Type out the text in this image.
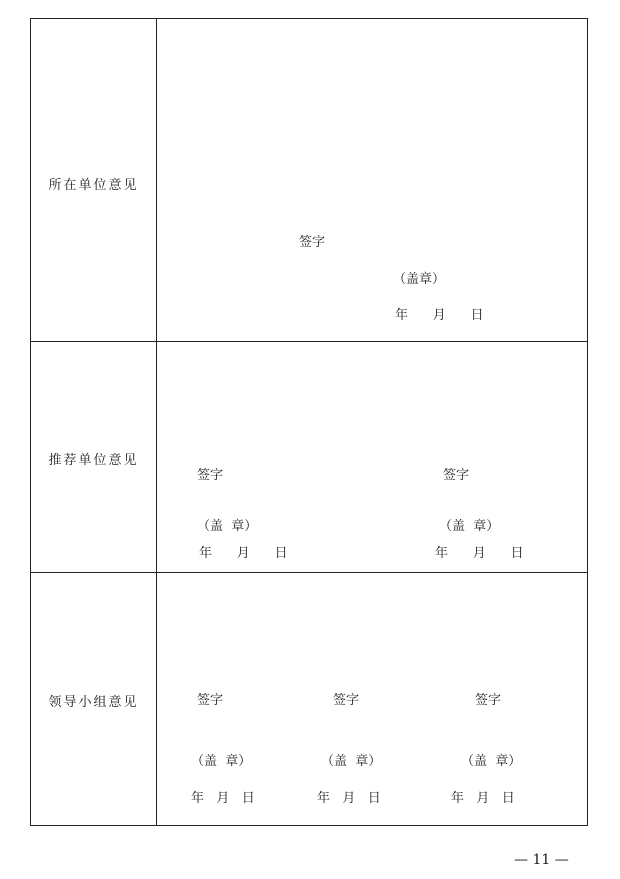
所在单位意见
签字
（盖章）
年      月      日
推荐单位意见
签字
（盖  章）
年      月      日
签字
（盖  章）
年      月      日
领导小组意见	签字
（盖  章）
年   月   日
签字
（盖  章）
年   月   日
签字
（盖  章）
年   月   日
— 11 —
